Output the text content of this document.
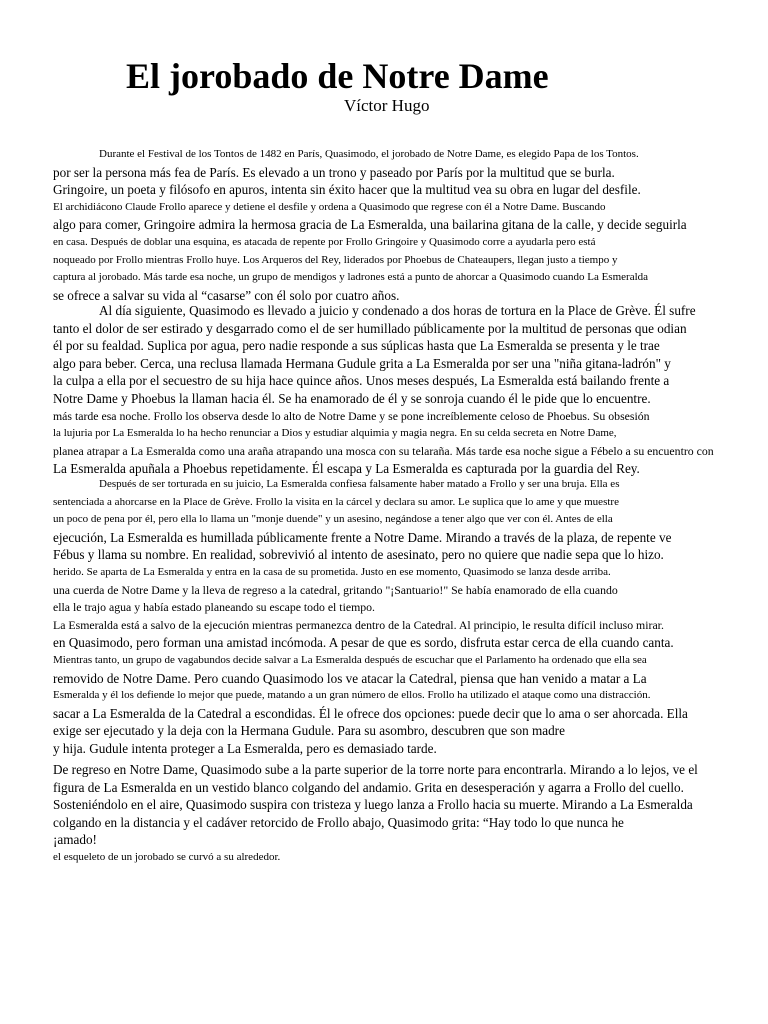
El jorobado de Notre Dame
Víctor Hugo
Durante el Festival de los Tontos de 1482 en París, Quasimodo, el jorobado de Notre Dame, es elegido Papa de los Tontos.
por ser la persona más fea de París. Es elevado a un trono y paseado por París por la multitud que se burla.
Gringoire, un poeta y filósofo en apuros, intenta sin éxito hacer que la multitud vea su obra en lugar del desfile.
El archidiácono Claude Frollo aparece y detiene el desfile y ordena a Quasimodo que regrese con él a Notre Dame. Buscando
algo para comer, Gringoire admira la hermosa gracia de La Esmeralda, una bailarina gitana de la calle, y decide seguirla
en casa. Después de doblar una esquina, es atacada de repente por Frollo Gringoire y Quasimodo corre a ayudarla pero está
noqueado por Frollo mientras Frollo huye. Los Arqueros del Rey, liderados por Phoebus de Chateaupers, llegan justo a tiempo y
captura al jorobado. Más tarde esa noche, un grupo de mendigos y ladrones está a punto de ahorcar a Quasimodo cuando La Esmeralda
se ofrece a salvar su vida al “casarse” con él solo por cuatro años.
Al día siguiente, Quasimodo es llevado a juicio y condenado a dos horas de tortura en la Place de Grève. Él sufre
tanto el dolor de ser estirado y desgarrado como el de ser humillado públicamente por la multitud de personas que odian
él por su fealdad. Suplica por agua, pero nadie responde a sus súplicas hasta que La Esmeralda se presenta y le trae
algo para beber. Cerca, una reclusa llamada Hermana Gudule grita a La Esmeralda por ser una "niña gitana-ladrón" y
la culpa a ella por el secuestro de su hija hace quince años. Unos meses después, La Esmeralda está bailando frente a
Notre Dame y Phoebus la llaman hacia él. Se ha enamorado de él y se sonroja cuando él le pide que lo encuentre.
más tarde esa noche. Frollo los observa desde lo alto de Notre Dame y se pone increíblemente celoso de Phoebus. Su obsesión
la lujuria por La Esmeralda lo ha hecho renunciar a Dios y estudiar alquimia y magia negra. En su celda secreta en Notre Dame,
planea atrapar a La Esmeralda como una araña atrapando una mosca con su telaraña. Más tarde esa noche sigue a Fébelo a su encuentro con
La Esmeralda apuñala a Phoebus repetidamente. Él escapa y La Esmeralda es capturada por la guardia del Rey.
Después de ser torturada en su juicio, La Esmeralda confiesa falsamente haber matado a Frollo y ser una bruja. Ella es
sentenciada a ahorcarse en la Place de Grève. Frollo la visita en la cárcel y declara su amor. Le suplica que lo ame y que muestre
un poco de pena por él, pero ella lo llama un "monje duende" y un asesino, negándose a tener algo que ver con él. Antes de ella
ejecución, La Esmeralda es humillada públicamente frente a Notre Dame. Mirando a través de la plaza, de repente ve
Fébus y llama su nombre. En realidad, sobrevivió al intento de asesinato, pero no quiere que nadie sepa que lo hizo.
herido. Se aparta de La Esmeralda y entra en la casa de su prometida. Justo en ese momento, Quasimodo se lanza desde arriba.
una cuerda de Notre Dame y la lleva de regreso a la catedral, gritando "¡Santuario!" Se había enamorado de ella cuando
ella le trajo agua y había estado planeando su escape todo el tiempo.
La Esmeralda está a salvo de la ejecución mientras permanezca dentro de la Catedral. Al principio, le resulta difícil incluso mirar.
en Quasimodo, pero forman una amistad incómoda. A pesar de que es sordo, disfruta estar cerca de ella cuando canta.
Mientras tanto, un grupo de vagabundos decide salvar a La Esmeralda después de escuchar que el Parlamento ha ordenado que ella sea
removido de Notre Dame. Pero cuando Quasimodo los ve atacar la Catedral, piensa que han venido a matar a La
Esmeralda y él los defiende lo mejor que puede, matando a un gran número de ellos. Frollo ha utilizado el ataque como una distracción.
sacar a La Esmeralda de la Catedral a escondidas. Él le ofrece dos opciones: puede decir que lo ama o ser ahorcada. Ella
exige ser ejecutado y la deja con la Hermana Gudule. Para su asombro, descubren que son madre
y hija. Gudule intenta proteger a La Esmeralda, pero es demasiado tarde.
De regreso en Notre Dame, Quasimodo sube a la parte superior de la torre norte para encontrarla. Mirando a lo lejos, ve el
figura de La Esmeralda en un vestido blanco colgando del andamio. Grita en desesperación y agarra a Frollo del cuello.
Sosteniéndolo en el aire, Quasimodo suspira con tristeza y luego lanza a Frollo hacia su muerte. Mirando a La Esmeralda
colgando en la distancia y el cadáver retorcido de Frollo abajo, Quasimodo grita: “Hay todo lo que nunca he
¡amado!
el esqueleto de un jorobado se curvó a su alrededor.
